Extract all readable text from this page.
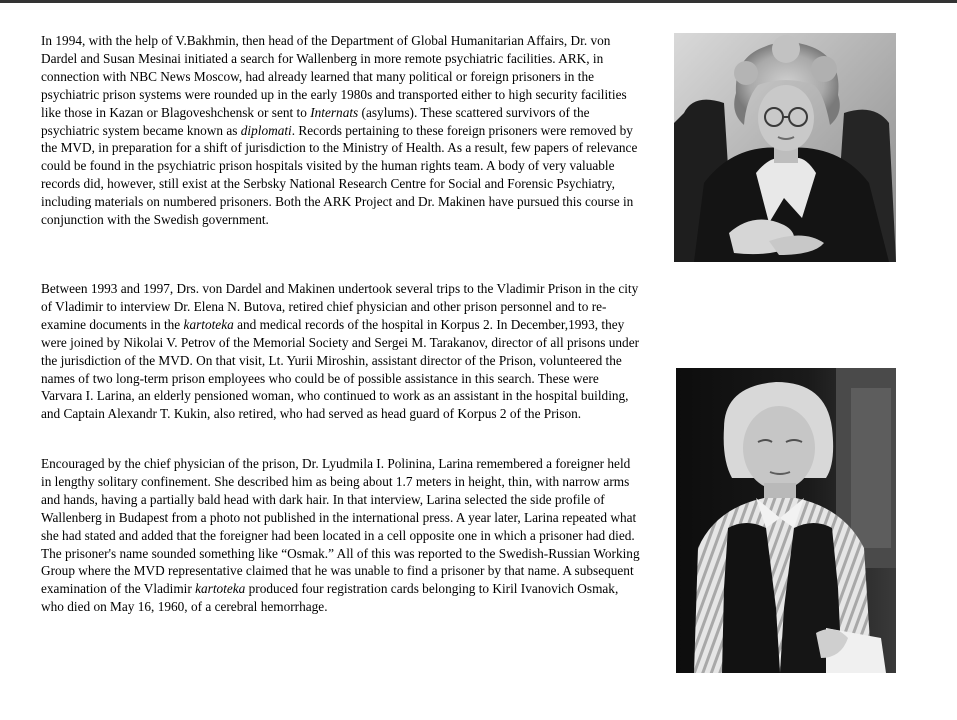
In 1994, with the help of V.Bakhmin, then head of the Department of Global Humanitarian Affairs, Dr. von Dardel and Susan Mesinai initiated a search for Wallenberg in more remote psychiatric facilities. ARK, in connection with NBC News Moscow, had already learned that many political or foreign prisoners in the psychiatric prison systems were rounded up in the early 1980s and transported either to high security facilities like those in Kazan or Blagoveshchensk or sent to Internats (asylums). These scattered survivors of the psychiatric system became known as diplomati. Records pertaining to these foreign prisoners were removed by the MVD, in preparation for a shift of jurisdiction to the Ministry of Health. As a result, few papers of relevance could be found in the psychiatric prison hospitals visited by the human rights team. A body of very valuable records did, however, still exist at the Serbsky National Research Centre for Social and Forensic Psychiatry, including materials on numbered prisoners. Both the ARK Project and Dr. Makinen have pursued this course in conjunction with the Swedish government.

Between 1993 and 1997, Drs. von Dardel and Makinen undertook several trips to the Vladimir Prison in the city of Vladimir to interview Dr. Elena N. Butova, retired chief physician and other prison personnel and to re-examine documents in the kartoteka and medical records of the hospital in Korpus 2. In December,1993, they were joined by Nikolai V. Petrov of the Memorial Society and Sergei M. Tarakanov, director of all prisons under the jurisdiction of the MVD. On that visit, Lt. Yurii Miroshin, assistant director of the Prison, volunteered the names of two long-term prison employees who could be of possible assistance in this search. These were Varvara I. Larina, an elderly pensioned woman, who continued to work as an assistant in the hospital building, and Captain Alexandr T. Kukin, also retired, who had served as head guard of Korpus 2 of the Prison.

Encouraged by the chief physician of the prison, Dr. Lyudmila I. Polinina, Larina remembered a foreigner held in lengthy solitary confinement. She described him as being about 1.7 meters in height, thin, with narrow arms and hands, having a partially bald head with dark hair. In that interview, Larina selected the side profile of Wallenberg in Budapest from a photo not published in the international press. A year later, Larina repeated what she had stated and added that the foreigner had been located in a cell opposite one in which a prisoner had died. The prisoner's name sounded something like “Osmak.” All of this was reported to the Swedish-Russian Working Group where the MVD representative claimed that he was unable to find a prisoner by that name. A subsequent examination of the Vladimir kartoteka produced four registration cards belonging to Kiril Ivanovich Osmak, who died on May 16, 1960, of a cerebral hemorrhage.
